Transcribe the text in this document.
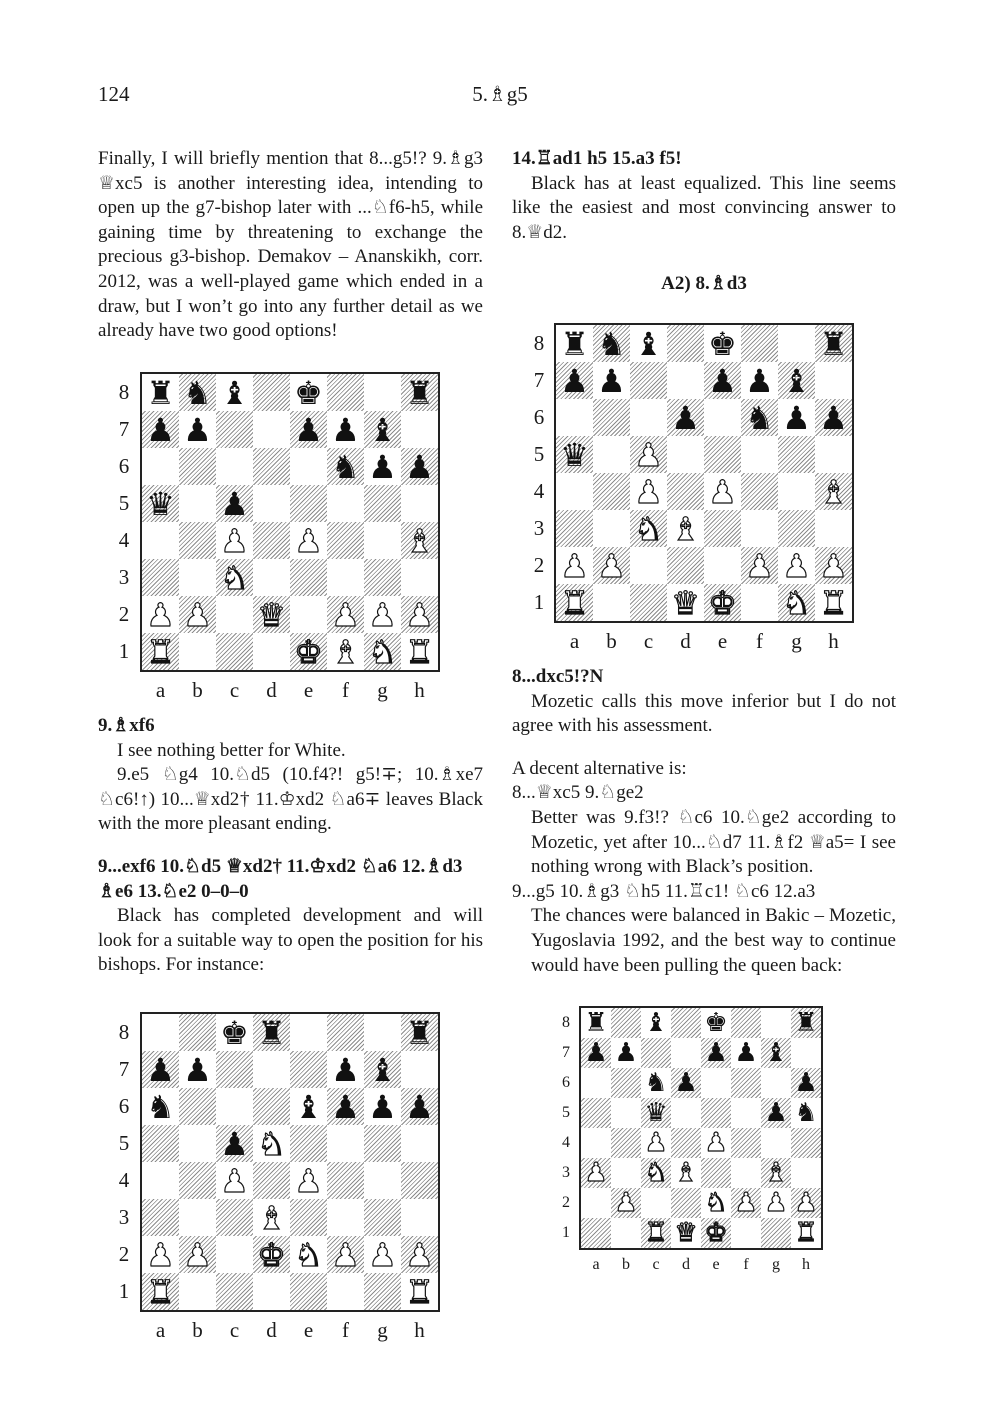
124	5.♗g5

Finally, I will briefly mention that 8...g5!? 9.♗g3 ♕xc5 is another interesting idea, intending to open up the g7-bishop later with ...♘f6-h5, while gaining time by threatening to exchange the precious g3-bishop. Demakov – Ananskikh, corr. 2012, was a well-played game which ended in a draw, but I won’t go into any further detail as we already have two good options!

♜ ♞ ♝ ♚	♜
♟ ♟	♟ ♟ ♝
♞ ♟ ♟
♛ ♟
♟ ♟	♝
♞
♟ ♟ ♛ ♟ ♟ ♟
♜	♚ ♝ ♞ ♜
8
7
6
5
4
3
2
1
a	b	c	d	e	f	g	h

9.♗xf6

I see nothing better for White.

9.e5 ♘g4 10.♘d5 (10.f4?! g5!∓; 10.♗xe7 ♘c6!↑) 10...♕xd2† 11.♔xd2 ♘a6∓ leaves Black with the more pleasant ending.

9...exf6 10.♘d5 ♕xd2† 11.♔xd2 ♘a6 12.♗d3 ♗e6 13.♘e2 0–0–0

Black has completed development and will look for a suitable way to open the position for his bishops. For instance:

♚ ♜	♜
♟ ♟	♟ ♝
♞	♝ ♟ ♟ ♟
♟ ♞
♟ ♟
♝
♟ ♟ ♚ ♞ ♟ ♟ ♟
♜	♜
8
7
6
5
4
3
2
1
a	b	c	d	e	f	g	h

14.♖ad1 h5 15.a3 f5!

Black has at least equalized. This line seems like the easiest and most convincing answer to 8.♕d2.

A2) 8.♗d3
♜ ♞ ♝ ♚	♜
♟ ♟	♟ ♟ ♝
♟ ♞ ♟ ♟
♛ ♟
♟ ♟	♝
♞ ♝
♟ ♟	♟ ♟ ♟
♜	♛ ♚ ♞ ♜
8
7
6
5
4
3
2
1
a	b	c	d	e	f	g	h

8...dxc5!?N

Mozetic calls this move inferior but I do not agree with his assessment.

A decent alternative is:

8...♕xc5 9.♘ge2

Better was 9.f3!? ♘c6 10.♘ge2 according to Mozetic, yet after 10...♘d7 11.♗f2 ♕a5= I see nothing wrong with Black’s position.

9...g5 10.♗g3 ♘h5 11.♖c1! ♘c6 12.a3

The chances were balanced in Bakic – Mozetic, Yugoslavia 1992, and the best way to continue would have been pulling the queen back:

♜ ♝ ♚	♜
♟ ♟	♟ ♟ ♝
♞ ♟	♟
♛	♟ ♞
♟ ♟
♟ ♞ ♝	♝
♟	♞ ♟ ♟ ♟
♜ ♛ ♚	♜
8
7
6
5
4
3
2
1
a	b	c	d	e	f	g	h
